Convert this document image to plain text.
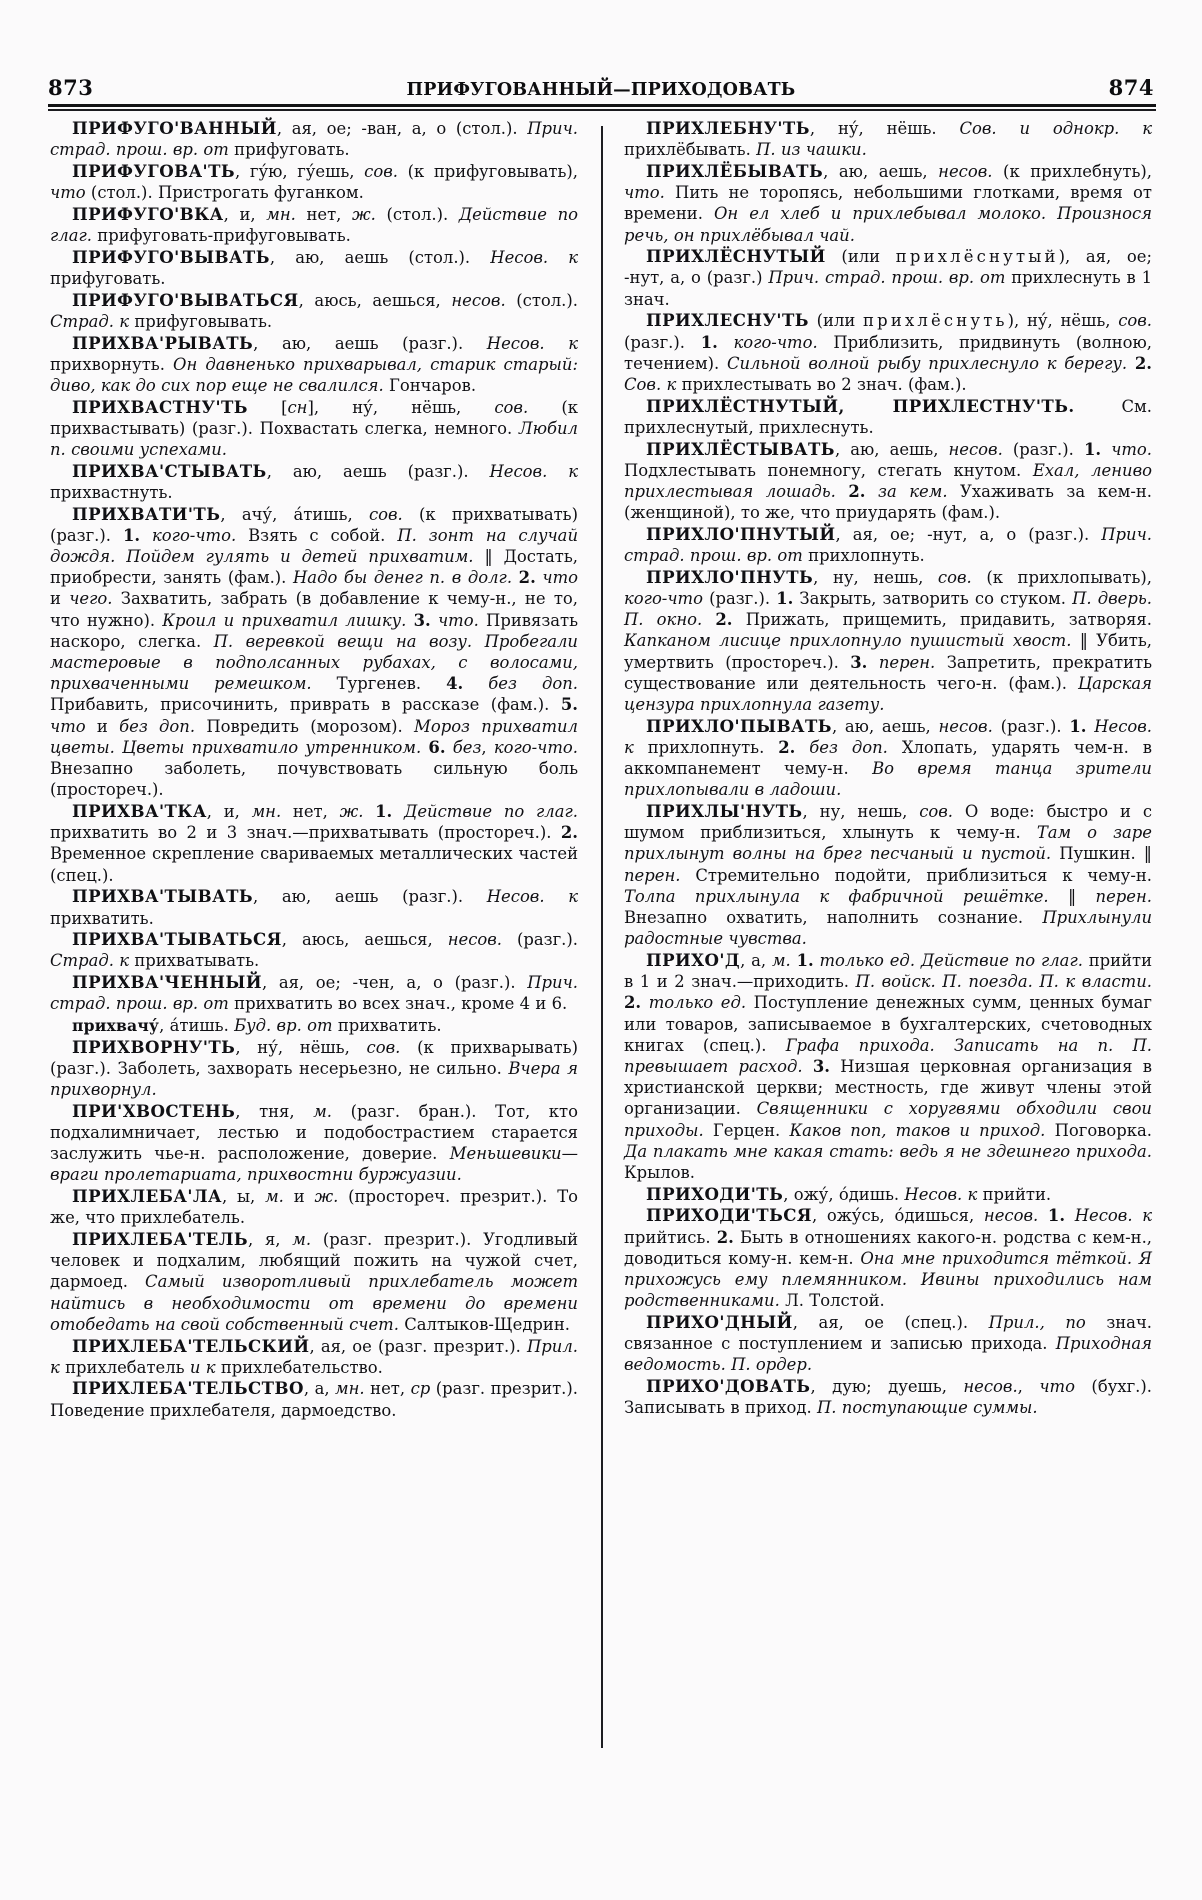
873	ПРИФУГОВАННЫЙ—ПРИХОДОВАТЬ	874

ПРИФУГО'ВАННЫЙ, ая, ое; -ван, а, о (стол.). Прич. страд. прош. вр. от прифуговать.

ПРИФУГОВА'ТЬ, гу́ю, гу́ешь, сов. (к прифуговывать), что (стол.). Пристрогать фуганком.

ПРИФУГО'ВКА, и, мн. нет, ж. (стол.). Действие по глаг. прифуговать-прифуговывать.

ПРИФУГО'ВЫВАТЬ, аю, аешь (стол.). Несов. к прифуговать.

ПРИФУГО'ВЫВАТЬСЯ, аюсь, аешься, несов. (стол.). Страд. к прифуговывать.

ПРИХВА'РЫВАТЬ, аю, аешь (разг.). Несов. к прихворнуть. Он давненько прихварывал, старик старый: диво, как до сих пор еще не свалился. Гончаров.

ПРИХВАСТНУ'ТЬ [сн], ну́, нёшь, сов. (к прихвастывать) (разг.). Похвастать слегка, немного. Любил п. своими успехами.

ПРИХВА'СТЫВАТЬ, аю, аешь (разг.). Несов. к прихвастнуть.

ПРИХВАТИ'ТЬ, ачу́, а́тишь, сов. (к прихватывать) (разг.). 1. кого-что. Взять с собой. П. зонт на случай дождя. Пойдем гулять и детей прихватим. ‖ Достать, приобрести, занять (фам.). Надо бы денег п. в долг. 2. что и чего. Захватить, забрать (в добавление к чему-н., не то, что нужно). Кроил и прихватил лишку. 3. что. Привязать наскоро, слегка. П. веревкой вещи на возу. Пробегали мастеровые в подполсанных рубахах, с волосами, прихваченными ремешком. Тургенев. 4. без доп. Прибавить, присочинить, приврать в рассказе (фам.). 5. что и без доп. Повредить (морозом). Мороз прихватил цветы. Цветы прихватило утренником. 6. без, кого-что. Внезапно заболеть, почувствовать сильную боль (простореч.).

ПРИХВА'ТКА, и, мн. нет, ж. 1. Действие по глаг. прихватить во 2 и 3 знач.—прихватывать (простореч.). 2. Временное скрепление свариваемых металлических частей (спец.).

ПРИХВА'ТЫВАТЬ, аю, аешь (разг.). Несов. к прихватить.

ПРИХВА'ТЫВАТЬСЯ, аюсь, аешься, несов. (разг.). Страд. к прихватывать.

ПРИХВА'ЧЕННЫЙ, ая, ое; -чен, а, о (разг.). Прич. страд. прош. вр. от прихватить во всех знач., кроме 4 и 6.

прихвачу́, а́тишь. Буд. вр. от прихватить.

ПРИХВОРНУ'ТЬ, ну́, нёшь, сов. (к прихварывать) (разг.). Заболеть, захворать несерьезно, не сильно. Вчера я прихворнул.

ПРИ'ХВОСТЕНЬ, тня, м. (разг. бран.). Тот, кто подхалимничает, лестью и подобострастием старается заслужить чье-н. расположение, доверие. Меньшевики—враги пролетариата, прихвостни буржуазии.

ПРИХЛЕБА'ЛА, ы, м. и ж. (простореч. презрит.). То же, что прихлебатель.

ПРИХЛЕБА'ТЕЛЬ, я, м. (разг. презрит.). Угодливый человек и подхалим, любящий пожить на чужой счет, дармоед. Самый изворотливый прихлебатель может найтись в необходимости от времени до времени отобедать на свой собственный счет. Салтыков-Щедрин.

ПРИХЛЕБА'ТЕЛЬСКИЙ, ая, ое (разг. презрит.). Прил. к прихлебатель и к прихлебательство.

ПРИХЛЕБА'ТЕЛЬСТВО, а, мн. нет, ср (разг. презрит.). Поведение прихлебателя, дармоедство.

ПРИХЛЕБНУ'ТЬ, ну́, нёшь. Сов. и однокр. к прихлёбывать. П. из чашки.

ПРИХЛЁБЫВАТЬ, аю, аешь, несов. (к прихлебнуть), что. Пить не торопясь, небольшими глотками, время от времени. Он ел хлеб и прихлебывал молоко. Произнося речь, он прихлёбывал чай.

ПРИХЛЁСНУТЫЙ (или прихлёснутый), ая, ое; -нут, а, о (разг.) Прич. страд. прош. вр. от прихлеснуть в 1 знач.

ПРИХЛЕСНУ'ТЬ (или прихлёснуть), ну́, нёшь, сов. (разг.). 1. кого-что. Приблизить, придвинуть (волною, течением). Сильной волной рыбу прихлеснуло к берегу. 2. Сов. к прихлестывать во 2 знач. (фам.).

ПРИХЛЁСТНУТЫЙ, ПРИХЛЕСТНУ'ТЬ. См. прихлеснутый, прихлеснуть.

ПРИХЛЁСТЫВАТЬ, аю, аешь, несов. (разг.). 1. что. Подхлестывать понемногу, стегать кнутом. Ехал, лениво прихлестывая лошадь. 2. за кем. Ухаживать за кем-н. (женщиной), то же, что приударять (фам.).

ПРИХЛО'ПНУТЫЙ, ая, ое; -нут, а, о (разг.). Прич. страд. прош. вр. от прихлопнуть.

ПРИХЛО'ПНУТЬ, ну, нешь, сов. (к прихлопывать), кого-что (разг.). 1. Закрыть, затворить со стуком. П. дверь. П. окно. 2. Прижать, прищемить, придавить, затворяя. Капканом лисице прихлопнуло пушистый хвост. ‖ Убить, умертвить (простореч.). 3. перен. Запретить, прекратить существование или деятельность чего-н. (фам.). Царская цензура прихлопнула газету.

ПРИХЛО'ПЫВАТЬ, аю, аешь, несов. (разг.). 1. Несов. к прихлопнуть. 2. без доп. Хлопать, ударять чем-н. в аккомпанемент чему-н. Во время танца зрители прихлопывали в ладоши.

ПРИХЛЫ'НУТЬ, ну, нешь, сов. О воде: быстро и с шумом приблизиться, хлынуть к чему-н. Там о заре прихлынут волны на брег песчаный и пустой. Пушкин. ‖ перен. Стремительно подойти, приблизиться к чему-н. Толпа прихлынула к фабричной решётке. ‖ перен. Внезапно охватить, наполнить сознание. Прихлынули радостные чувства.

ПРИХО'Д, а, м. 1. только ед. Действие по глаг. прийти в 1 и 2 знач.—приходить. П. войск. П. поезда. П. к власти. 2. только ед. Поступление денежных сумм, ценных бумаг или товаров, записываемое в бухгалтерских, счетоводных книгах (спец.). Графа прихода. Записать на п. П. превышает расход. 3. Низшая церковная организация в христианской церкви; местность, где живут члены этой организации. Священники с хоругвями обходили свои приходы. Герцен. Каков поп, таков и приход. Поговорка. Да плакать мне какая стать: ведь я не здешнего прихода. Крылов.

ПРИХОДИ'ТЬ, ожу́, о́дишь. Несов. к прийти.

ПРИХОДИ'ТЬСЯ, ожу́сь, о́дишься, несов. 1. Несов. к прийтись. 2. Быть в отношениях какого-н. родства с кем-н., доводиться кому-н. кем-н. Она мне приходится тёткой. Я прихожусь ему племянником. Ивины приходились нам родственниками. Л. Толстой.

ПРИХО'ДНЫЙ, ая, ое (спец.). Прил., по знач. связанное с поступлением и записью прихода. Приходная ведомость. П. ордер.

ПРИХО'ДОВАТЬ, дую; дуешь, несов., что (бухг.). Записывать в приход. П. поступающие суммы.
